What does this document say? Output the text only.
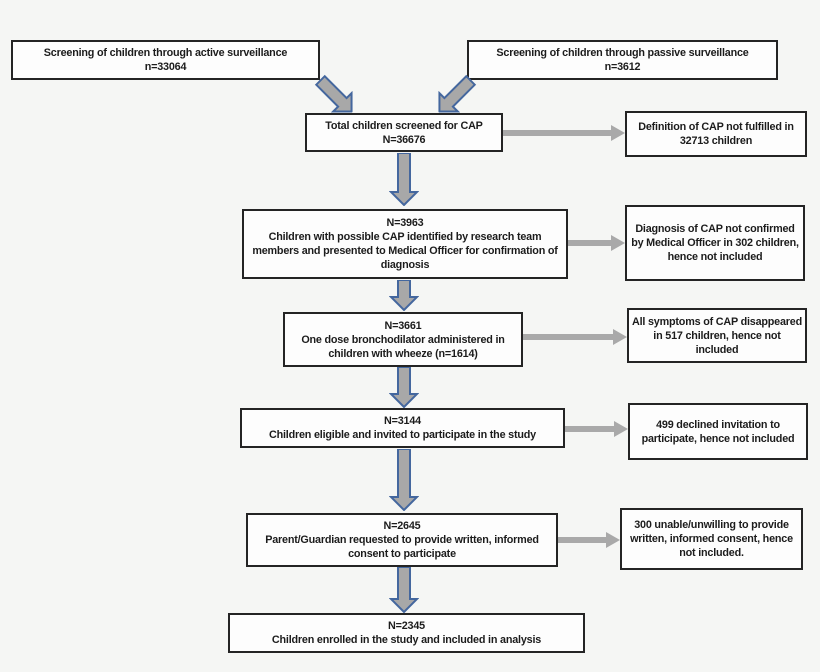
Screening of children through active surveillance
n=33064
Screening of children through passive surveillance
n=3612
Total children screened for CAP
N=36676
N=3963
Children with possible CAP identified by research team members and presented to Medical Officer for confirmation of diagnosis
N=3661
One dose bronchodilator administered in children with wheeze (n=1614)
N=3144
Children eligible and invited to participate in the study
N=2645
Parent/Guardian requested to provide written, informed consent to participate
N=2345
Children enrolled in the study and included in analysis
Definition of CAP not fulfilled in 32713 children
Diagnosis of CAP not confirmed by Medical Officer in 302 children, hence not included
All symptoms of CAP disappeared in 517 children, hence not included
499 declined invitation to participate, hence not included
300 unable/unwilling to provide written, informed consent, hence not included.
